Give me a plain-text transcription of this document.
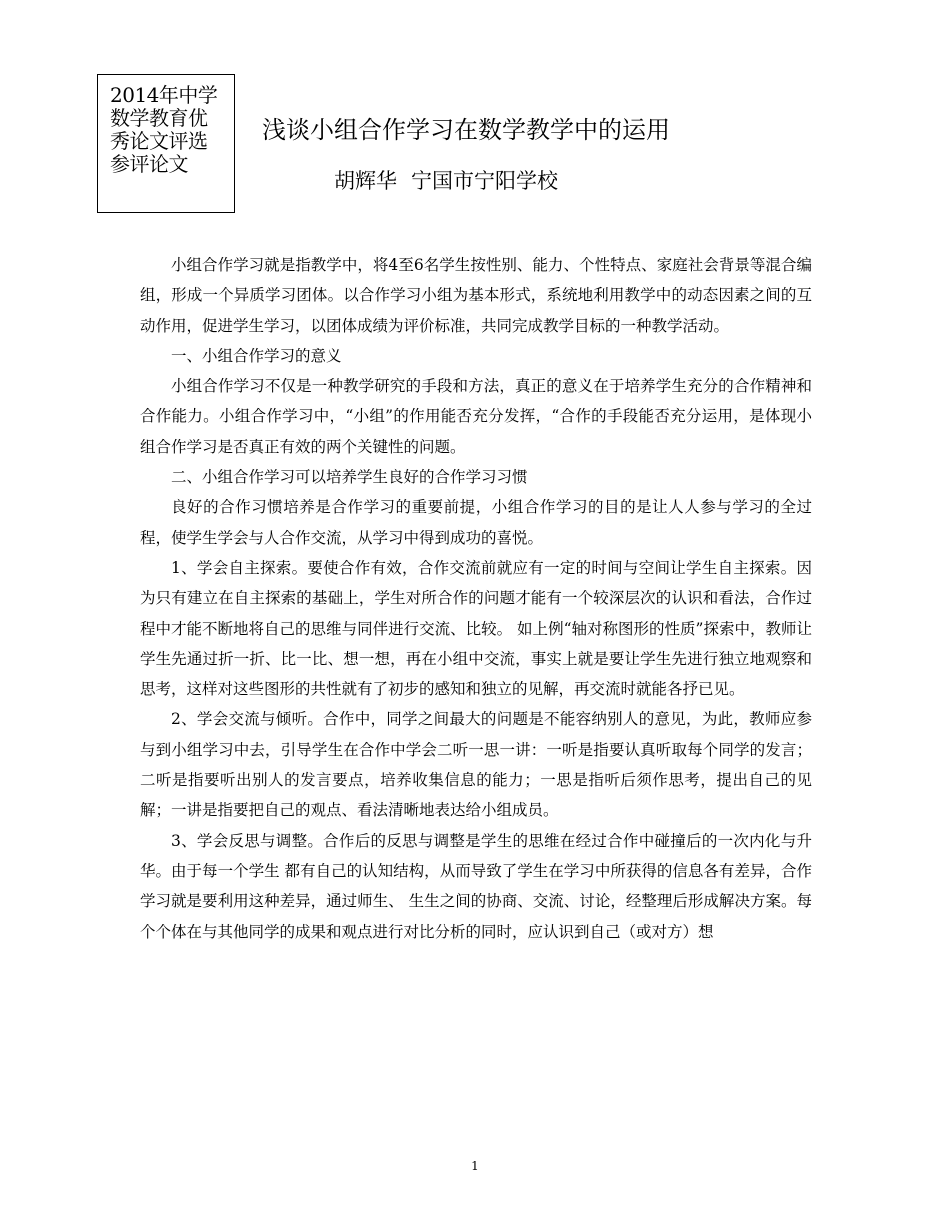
2014年中学
数学教育优
秀论文评选
参评论文
浅谈小组合作学习在数学教学中的运用
胡辉华 宁国市宁阳学校

小组合作学习就是指教学中，将4至6名学生按性别、能力、个性特点、家庭社会背景等混合编组，形成一个异质学习团体。以合作学习小组为基本形式，系统地利用教学中的动态因素之间的互动作用，促进学生学习，以团体成绩为评价标准，共同完成教学目标的一种教学活动。

一、小组合作学习的意义

小组合作学习不仅是一种教学研究的手段和方法，真正的意义在于培养学生充分的合作精神和合作能力。小组合作学习中，“小组”的作用能否充分发挥，“合作的手段能否充分运用，是体现小组合作学习是否真正有效的两个关键性的问题。

二、小组合作学习可以培养学生良好的合作学习习惯

良好的合作习惯培养是合作学习的重要前提，小组合作学习的目的是让人人参与学习的全过程，使学生学会与人合作交流，从学习中得到成功的喜悦。

1、学会自主探索。要使合作有效，合作交流前就应有一定的时间与空间让学生自主探索。因为只有建立在自主探索的基础上，学生对所合作的问题才能有一个较深层次的认识和看法，合作过程中才能不断地将自己的思维与同伴进行交流、比较。 如上例“轴对称图形的性质”探索中，教师让学生先通过折一折、比一比、想一想，再在小组中交流，事实上就是要让学生先进行独立地观察和思考，这样对这些图形的共性就有了初步的感知和独立的见解，再交流时就能各抒已见。

2、学会交流与倾听。合作中，同学之间最大的问题是不能容纳别人的意见，为此，教师应参与到小组学习中去，引导学生在合作中学会二听一思一讲：一听是指要认真听取每个同学的发言；二听是指要听出别人的发言要点，培养收集信息的能力；一思是指听后须作思考，提出自己的见解；一讲是指要把自己的观点、看法清晰地表达给小组成员。

3、学会反思与调整。合作后的反思与调整是学生的思维在经过合作中碰撞后的一次内化与升华。由于每一个学生 都有自己的认知结构，从而导致了学生在学习中所获得的信息各有差异，合作学习就是要利用这种差异，通过师生、 生生之间的协商、交流、讨论，经整理后形成解决方案。每个个体在与其他同学的成果和观点进行对比分析的同时，应认识到自己（或对方）想

1
